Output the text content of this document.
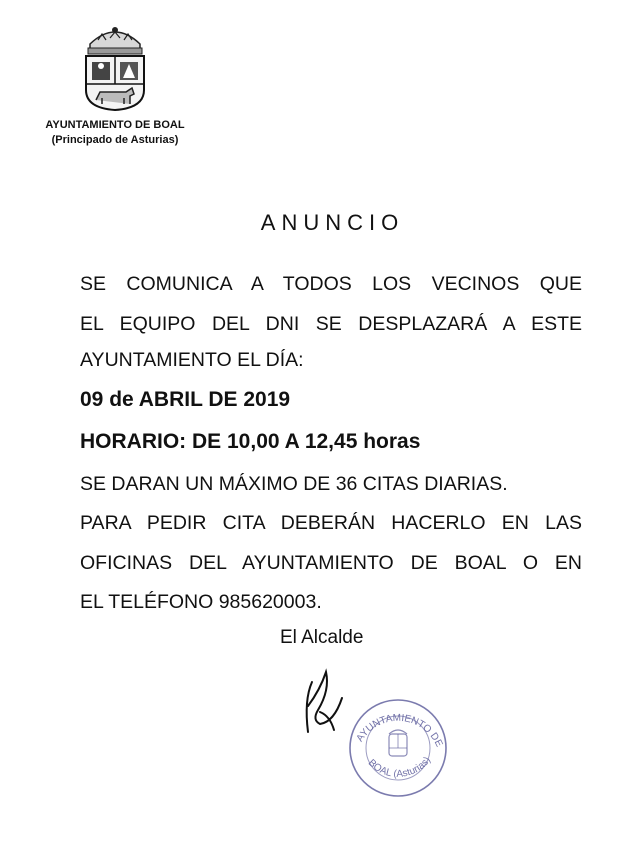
AYUNTAMIENTO DE BOAL
(Principado de Asturias)
ANUNCIO
SE COMUNICA A TODOS LOS VECINOS QUE
EL EQUIPO DEL DNI SE DESPLAZARÁ A ESTE
AYUNTAMIENTO EL DÍA:
09 de ABRIL DE 2019
HORARIO: DE 10,00 A 12,45 horas
SE DARAN UN MÁXIMO DE 36 CITAS DIARIAS.
PARA PEDIR CITA DEBERÁN HACERLO EN LAS
OFICINAS DEL AYUNTAMIENTO DE BOAL O EN
EL TELÉFONO 985620003.
El Alcalde
AYUNTAMIENTO DE
BOAL (Asturias)
